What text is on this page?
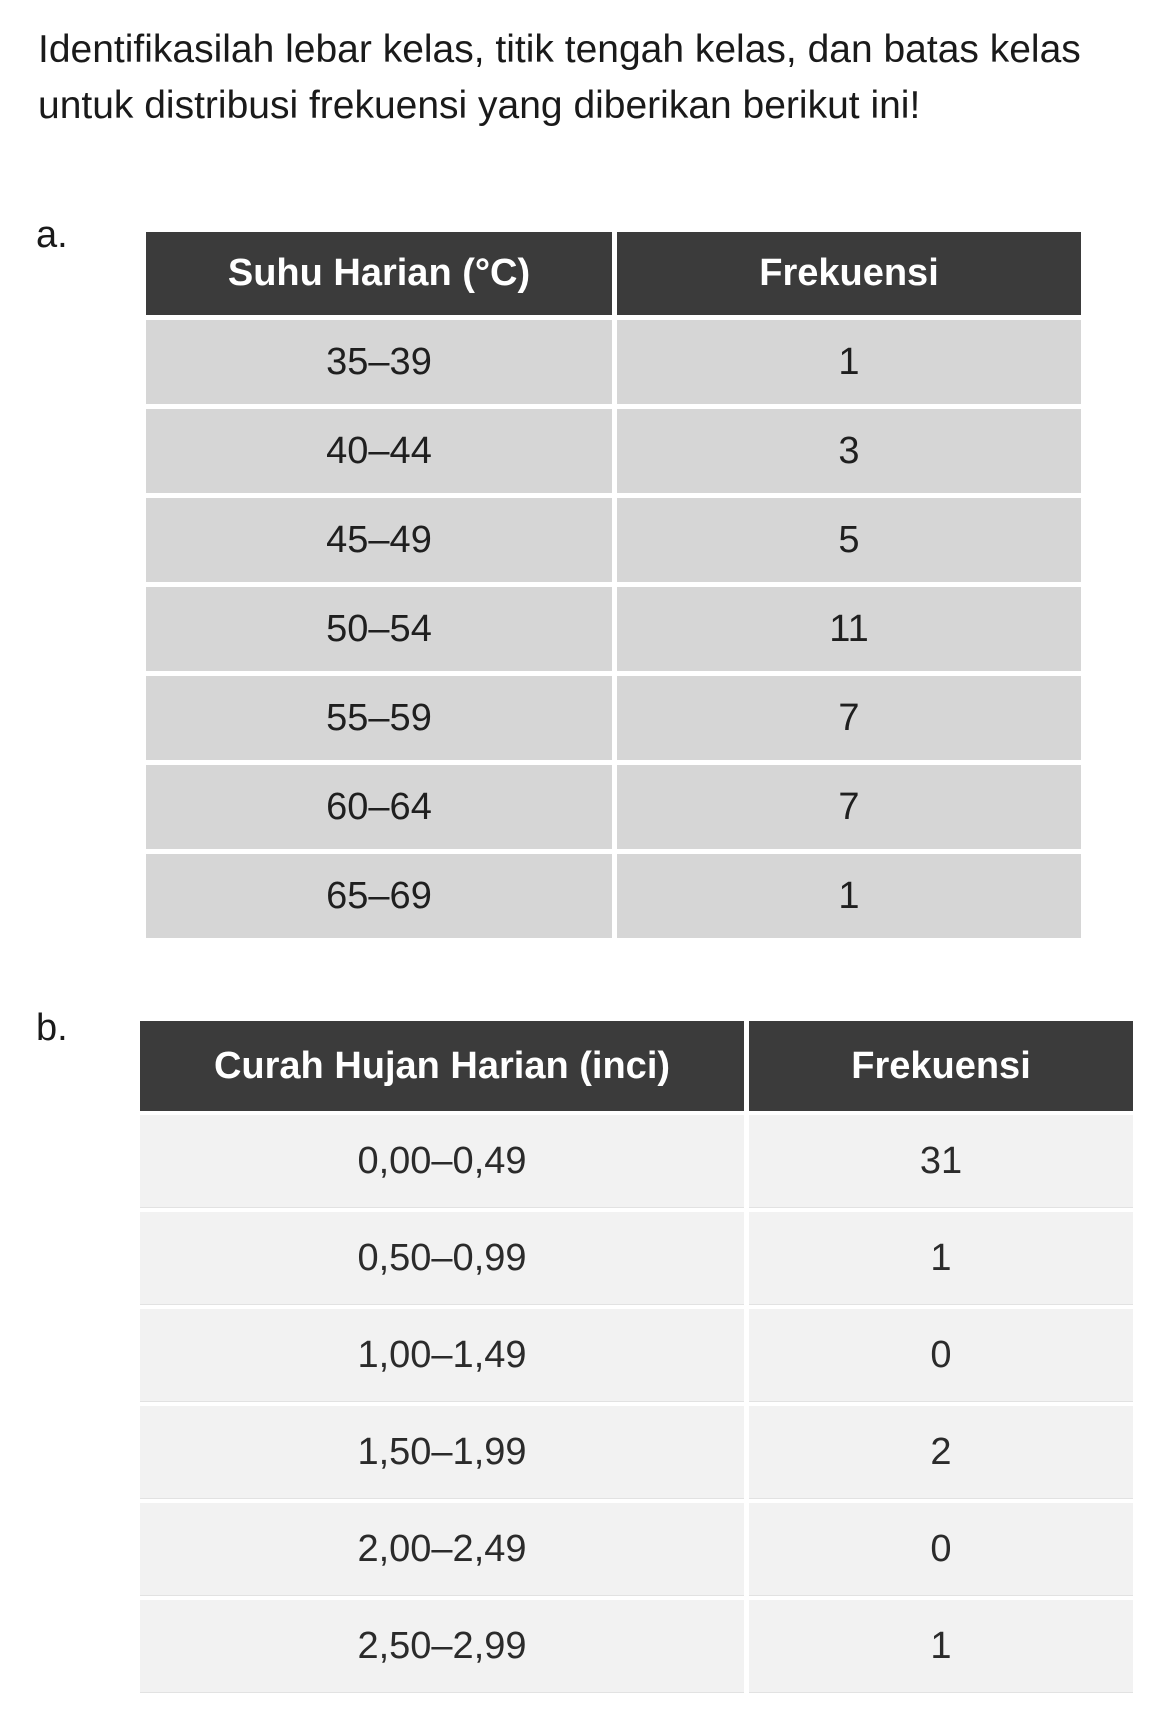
Identifikasilah lebar kelas, titik tengah kelas, dan batas kelas untuk distribusi frekuensi yang diberikan berikut ini!

a.
Suhu Harian (°C)	Frekuensi
35–39	1
40–44	3
45–49	5
50–54	11
55–59	7
60–64	7
65–69	1
b.
Curah Hujan Harian (inci)	Frekuensi
0,00–0,49	31
0,50–0,99	1
1,00–1,49	0
1,50–1,99	2
2,00–2,49	0
2,50–2,99	1
